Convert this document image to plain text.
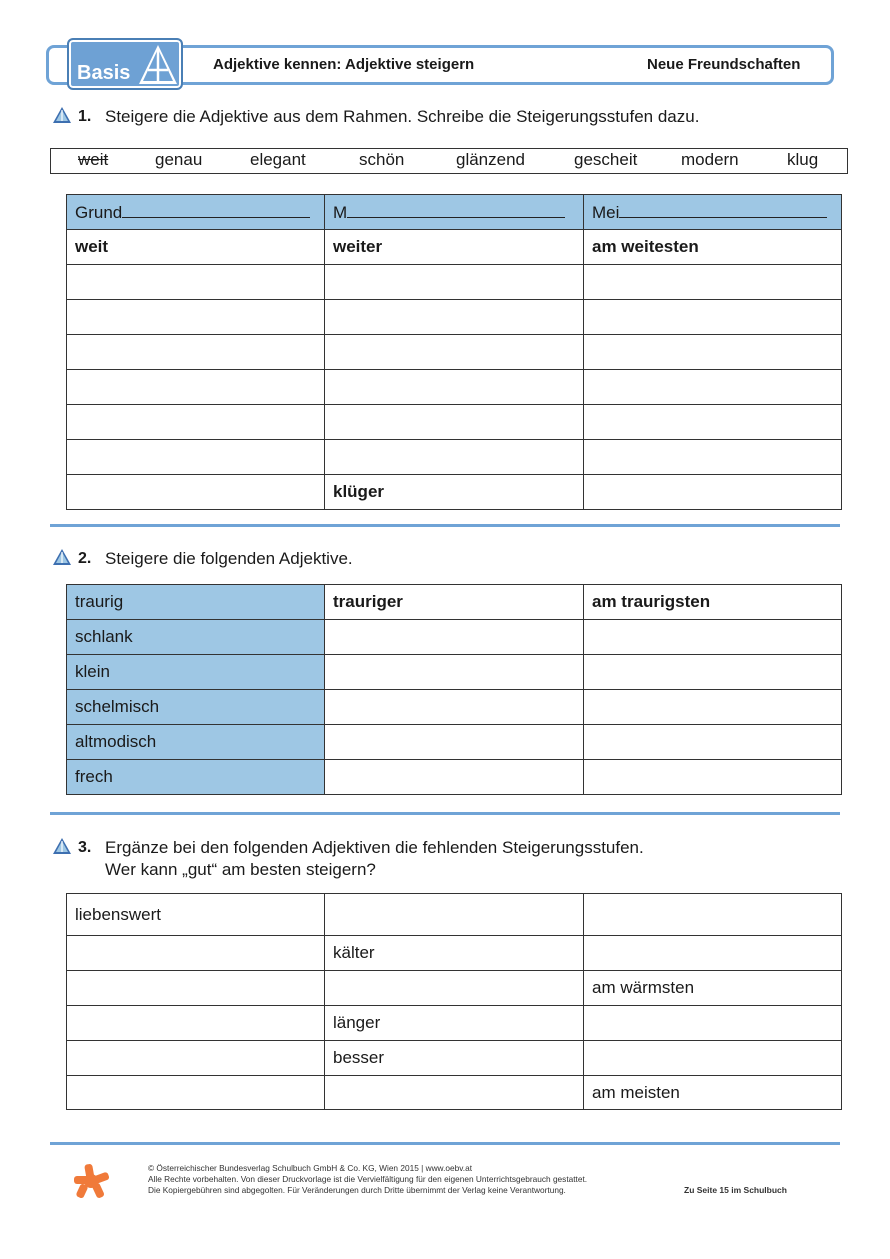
Basis	Adjektive kennen: Adjektive steigern	Neue Freundschaften
1. Steigere die Adjektive aus dem Rahmen. Schreibe die Steigerungsstufen dazu.
weit	genau	elegant	schön	glänzend	gescheit	modern	klug
Grund	M	Mei
weit	weiter	am weitesten

	klüger	
2. Steigere die folgenden Adjektive.
traurig	trauriger	am traurigsten
schlank		
klein		
schelmisch		
altmodisch		
frech		
3. Ergänze bei den folgenden Adjektiven die fehlenden Steigerungsstufen.
Wer kann „gut“ am besten steigern?
liebenswert		
	kälter	
		am wärmsten
	länger	
	besser	
		am meisten
© Österreichischer Bundesverlag Schulbuch GmbH & Co. KG, Wien 2015 | www.oebv.at
Alle Rechte vorbehalten. Von dieser Druckvorlage ist die Vervielfältigung für den eigenen Unterrichtsgebrauch gestattet.
Die Kopiergebühren sind abgegolten. Für Veränderungen durch Dritte übernimmt der Verlag keine Verantwortung.	Zu Seite 15 im Schulbuch
